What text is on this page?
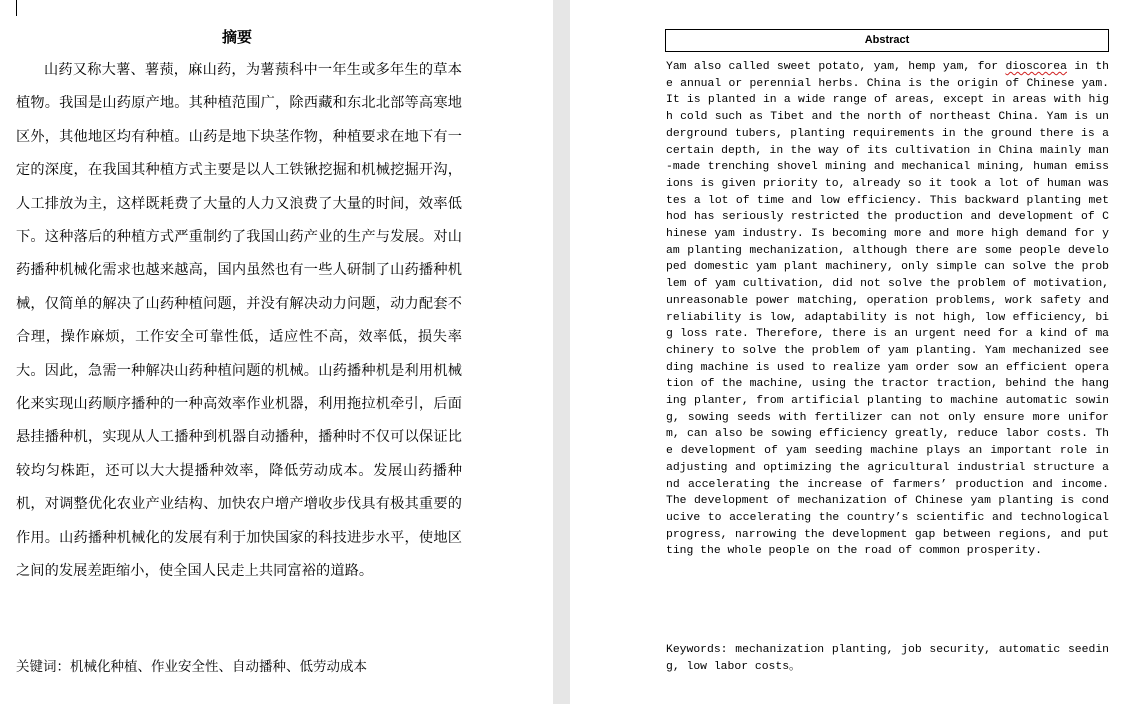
摘要
山药又称大薯、薯蓣，麻山药，为薯蓣科中一年生或多年生的草本植物。我国是山药原产地。其种植范围广，除西藏和东北北部等高寒地区外，其他地区均有种植。山药是地下块茎作物，种植要求在地下有一定的深度，在我国其种植方式主要是以人工铁锹挖掘和机械挖掘开沟，人工排放为主，这样既耗费了大量的人力又浪费了大量的时间，效率低下。这种落后的种植方式严重制约了我国山药产业的生产与发展。对山药播种机械化需求也越来越高，国内虽然也有一些人研制了山药播种机械，仅简单的解决了山药种植问题，并没有解决动力问题，动力配套不合理，操作麻烦，工作安全可靠性低，适应性不高，效率低，损失率大。因此，急需一种解决山药种植问题的机械。山药播种机是利用机械化来实现山药顺序播种的一种高效率作业机器，利用拖拉机牵引，后面悬挂播种机，实现从人工播种到机器自动播种，播种时不仅可以保证比较均匀株距，还可以大大提播种效率，降低劳动成本。发展山药播种机，对调整优化农业产业结构、加快农户增产增收步伐具有极其重要的作用。山药播种机械化的发展有利于加快国家的科技进步水平，使地区之间的发展差距缩小，使全国人民走上共同富裕的道路。
关键词：机械化种植、作业安全性、自动播种、低劳动成本
Abstract
Yam also called sweet potato, yam, hemp yam, for dioscorea in the annual or perennial herbs. China is the origin of Chinese yam. It is planted in a wide range of areas, except in areas with high cold such as Tibet and the north of northeast China. Yam is underground tubers, planting requirements in the ground there is a certain depth, in the way of its cultivation in China mainly man-made trenching shovel mining and mechanical mining, human emissions is given priority to, already so it took a lot of human wastes a lot of time and low efficiency. This backward planting method has seriously restricted the production and development of Chinese yam industry. Is becoming more and more high demand for yam planting mechanization, although there are some people developed domestic yam plant machinery, only simple can solve the problem of yam cultivation, did not solve the problem of motivation, unreasonable power matching, operation problems, work safety and reliability is low, adaptability is not high, low efficiency, big loss rate. Therefore, there is an urgent need for a kind of machinery to solve the problem of yam planting. Yam mechanized seeding machine is used to realize yam order sow an efficient operation of the machine, using the tractor traction, behind the hanging planter, from artificial planting to machine automatic sowing, sowing seeds with fertilizer can not only ensure more uniform, can also be sowing efficiency greatly, reduce labor costs. The development of yam seeding machine plays an important role in adjusting and optimizing the agricultural industrial structure and accelerating the increase of farmers’ production and income. The development of mechanization of Chinese yam planting is conducive to accelerating the country’s scientific and technological progress, narrowing the development gap between regions, and putting the whole people on the road of common prosperity.
Keywords: mechanization planting, job security, automatic seeding, low labor costs。
